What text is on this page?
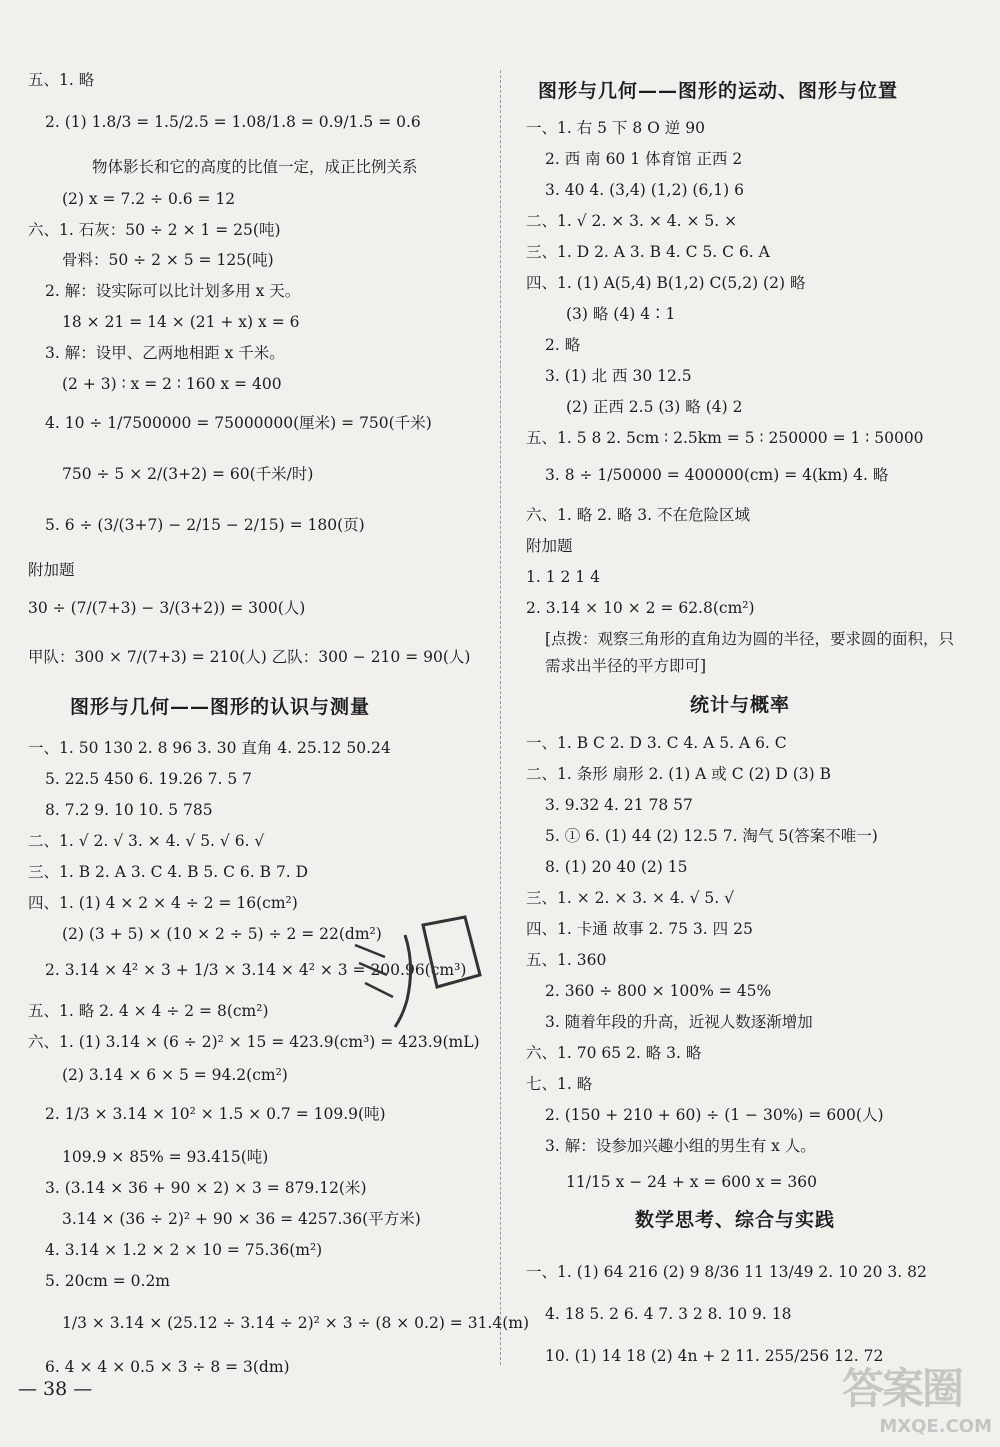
五、1. 略
2. (1) 1.8/3 = 1.5/2.5 = 1.08/1.8 = 0.9/1.5 = 0.6
物体影长和它的高度的比值一定，成正比例关系
(2) x = 7.2 ÷ 0.6 = 12
六、1. 石灰：50 ÷ 2 × 1 = 25(吨)
骨料：50 ÷ 2 × 5 = 125(吨)
2. 解：设实际可以比计划多用 x 天。
18 × 21 = 14 × (21 + x) x = 6
3. 解：设甲、乙两地相距 x 千米。
(2 + 3) ∶ x = 2 ∶ 160 x = 400
4. 10 ÷ 1/7500000 = 75000000(厘米) = 750(千米)
750 ÷ 5 × 2/(3+2) = 60(千米/时)
5. 6 ÷ (3/(3+7) − 2/15 − 2/15) = 180(页)
附加题
30 ÷ (7/(7+3) − 3/(3+2)) = 300(人)
甲队：300 × 7/(7+3) = 210(人) 乙队：300 − 210 = 90(人)
一、1. 50 130 2. 8 96 3. 30 直角 4. 25.12 50.24
5. 22.5 450 6. 19.26 7. 5 7
8. 7.2 9. 10 10. 5 785
二、1. √ 2. √ 3. × 4. √ 5. √ 6. √
三、1. B 2. A 3. C 4. B 5. C 6. B 7. D
四、1. (1) 4 × 2 × 4 ÷ 2 = 16(cm²)
(2) (3 + 5) × (10 × 2 ÷ 5) ÷ 2 = 22(dm²)
2. 3.14 × 4² × 3 + 1/3 × 3.14 × 4² × 3 = 200.96(cm³)
五、1. 略 2. 4 × 4 ÷ 2 = 8(cm²)
六、1. (1) 3.14 × (6 ÷ 2)² × 15 = 423.9(cm³) = 423.9(mL)
(2) 3.14 × 6 × 5 = 94.2(cm²)
2. 1/3 × 3.14 × 10² × 1.5 × 0.7 = 109.9(吨)
109.9 × 85% = 93.415(吨)
3. (3.14 × 36 + 90 × 2) × 3 = 879.12(米)
3.14 × (36 ÷ 2)² + 90 × 36 = 4257.36(平方米)
4. 3.14 × 1.2 × 2 × 10 = 75.36(m²)
5. 20cm = 0.2m
1/3 × 3.14 × (25.12 ÷ 3.14 ÷ 2)² × 3 ÷ (8 × 0.2) = 31.4(m)
6. 4 × 4 × 0.5 × 3 ÷ 8 = 3(dm)
一、1. 右 5 下 8 O 逆 90
2. 西 南 60 1 体育馆 正西 2
3. 40 4. (3,4) (1,2) (6,1) 6
二、1. √ 2. × 3. × 4. × 5. ×
三、1. D 2. A 3. B 4. C 5. C 6. A
四、1. (1) A(5,4) B(1,2) C(5,2) (2) 略
(3) 略 (4) 4∶1
2. 略
3. (1) 北 西 30 12.5
(2) 正西 2.5 (3) 略 (4) 2
五、1. 5 8 2. 5cm ∶ 2.5km = 5 ∶ 250000 = 1 ∶ 50000
3. 8 ÷ 1/50000 = 400000(cm) = 4(km) 4. 略
六、1. 略 2. 略 3. 不在危险区域
附加题
1. 1 2 1 4
2. 3.14 × 10 × 2 = 62.8(cm²)
[点拨：观察三角形的直角边为圆的半径，要求圆的面积，只
需求出半径的平方即可]
一、1. B C 2. D 3. C 4. A 5. A 6. C
二、1. 条形 扇形 2. (1) A 或 C (2) D (3) B
3. 9.32 4. 21 78 57
5. ① 6. (1) 44 (2) 12.5 7. 淘气 5(答案不唯一)
8. (1) 20 40 (2) 15
三、1. × 2. × 3. × 4. √ 5. √
四、1. 卡通 故事 2. 75 3. 四 25
五、1. 360
2. 360 ÷ 800 × 100% = 45%
3. 随着年段的升高，近视人数逐渐增加
六、1. 70 65 2. 略 3. 略
七、1. 略
2. (150 + 210 + 60) ÷ (1 − 30%) = 600(人)
3. 解：设参加兴趣小组的男生有 x 人。
11/15 x − 24 + x = 600 x = 360
一、1. (1) 64 216 (2) 9 8/36 11 13/49 2. 10 20 3. 82
4. 18 5. 2 6. 4 7. 3 2 8. 10 9. 18
10. (1) 14 18 (2) 4n + 2 11. 255/256 12. 72
图形与几何——图形的运动、图形与位置
图形与几何——图形的认识与测量	统计与概率
数学思考、综合与实践
— 38 —	答案圈
MXQE.COM
